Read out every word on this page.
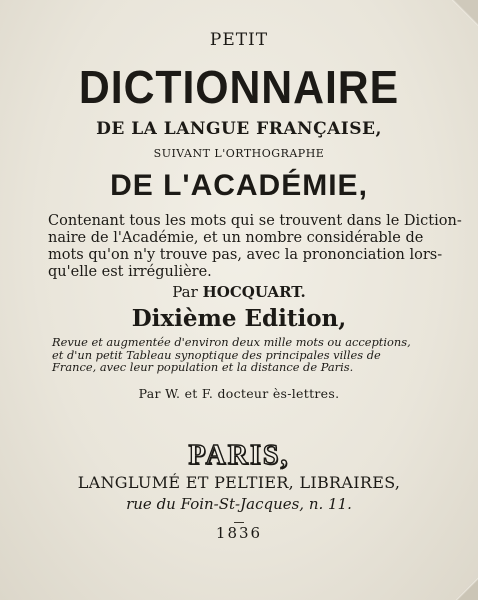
PETIT
DICTIONNAIRE
DE LA LANGUE FRANÇAISE,
SUIVANT L'ORTHOGRAPHE
DE L'ACADÉMIE,
Contenant tous les mots qui se trouvent dans le Diction-
naire de l'Académie, et un nombre considérable de
mots qu'on n'y trouve pas, avec la prononciation lors-
qu'elle est irrégulière.
Par HOCQUART.
Dixième Edition,
Revue et augmentée d'environ deux mille mots ou acceptions,
et d'un petit Tableau synoptique des principales villes de
France, avec leur population et la distance de Paris.
Par W. et F. docteur ès-lettres.
PARIS,
LANGLUMÉ ET PELTIER, LIBRAIRES,
rue du Foin-St-Jacques, n. 11.
1836
